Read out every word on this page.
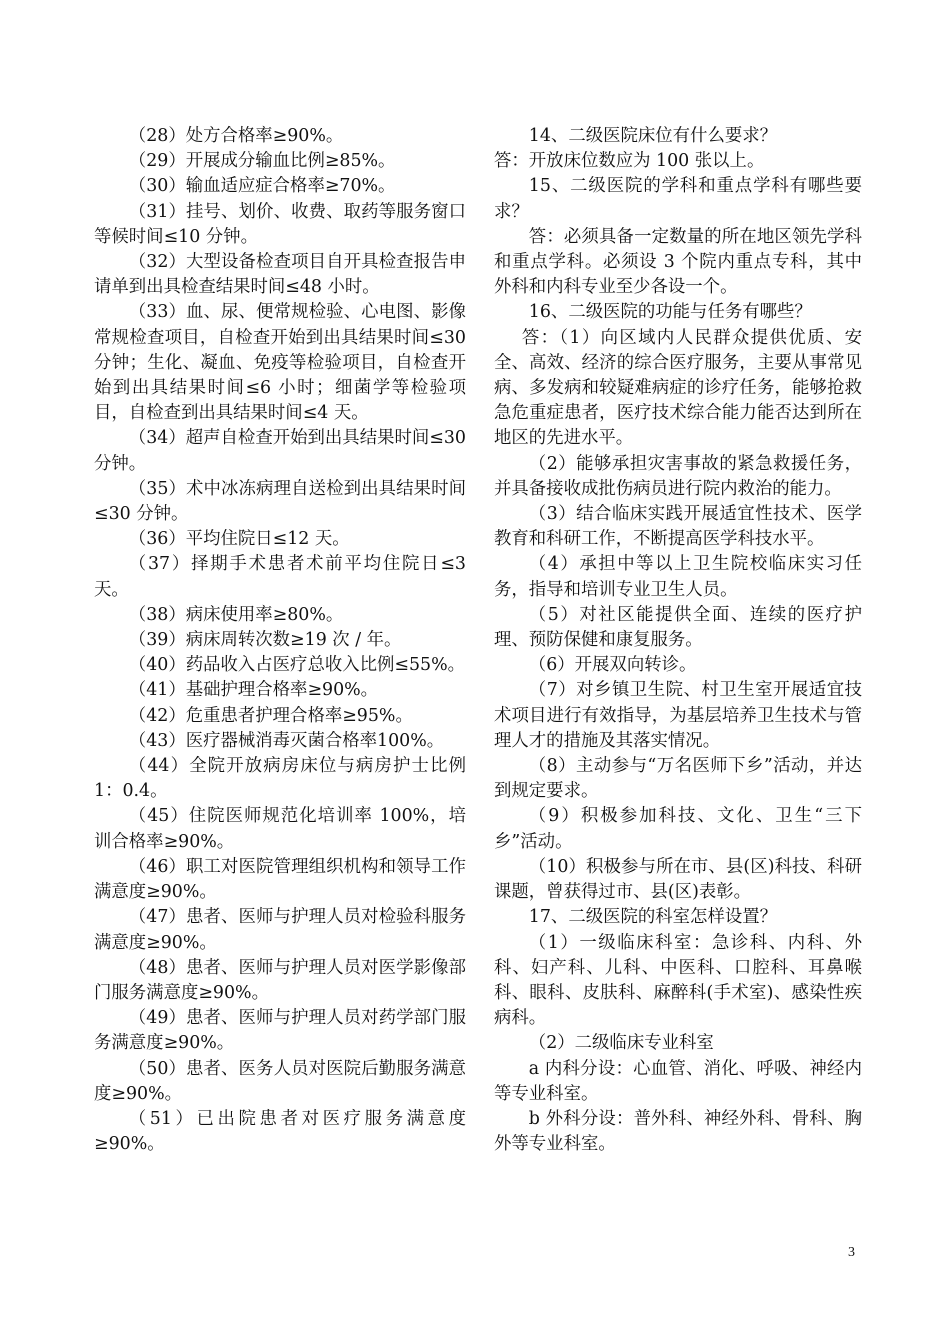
（28）处方合格率≥90%。

（29）开展成分输血比例≥85%。

（30）输血适应症合格率≥70%。

（31）挂号、划价、收费、取药等服务窗口等候时间≤10 分钟。

（32）大型设备检查项目自开具检查报告申请单到出具检查结果时间≤48 小时。

（33）血、尿、便常规检验、心电图、影像常规检查项目，自检查开始到出具结果时间≤30 分钟；生化、凝血、免疫等检验项目，自检查开始到出具结果时间≤6 小时；细菌学等检验项目，自检查到出具结果时间≤4 天。

（34）超声自检查开始到出具结果时间≤30 分钟。

（35）术中冰冻病理自送检到出具结果时间≤30 分钟。

（36）平均住院日≤12 天。

（37）择期手术患者术前平均住院日≤3 天。

（38）病床使用率≥80%。

（39）病床周转次数≥19 次 / 年。

（40）药品收入占医疗总收入比例≤55%。

（41）基础护理合格率≥90%。

（42）危重患者护理合格率≥95%。

（43）医疗器械消毒灭菌合格率100%。

（44）全院开放病房床位与病房护士比例 1：0.4。

（45）住院医师规范化培训率 100%，培训合格率≥90%。

（46）职工对医院管理组织机构和领导工作满意度≥90%。

（47）患者、医师与护理人员对检验科服务满意度≥90%。

（48）患者、医师与护理人员对医学影像部门服务满意度≥90%。

（49）患者、医师与护理人员对药学部门服务满意度≥90%。

（50）患者、医务人员对医院后勤服务满意度≥90%。

（51）已出院患者对医疗服务满意度≥90%。

14、二级医院床位有什么要求？

答：开放床位数应为 100 张以上。

15、二级医院的学科和重点学科有哪些要求？

答：必须具备一定数量的所在地区领先学科和重点学科。必须设 3 个院内重点专科，其中外科和内科专业至少各设一个。

16、二级医院的功能与任务有哪些？

答：（1）向区域内人民群众提供优质、安全、高效、经济的综合医疗服务，主要从事常见病、多发病和较疑难病症的诊疗任务，能够抢救急危重症患者，医疗技术综合能力能否达到所在地区的先进水平。

（2）能够承担灾害事故的紧急救援任务，并具备接收成批伤病员进行院内救治的能力。

（3）结合临床实践开展适宜性技术、医学教育和科研工作，不断提高医学科技水平。

（4）承担中等以上卫生院校临床实习任务，指导和培训专业卫生人员。

（5）对社区能提供全面、连续的医疗护理、预防保健和康复服务。

（6）开展双向转诊。

（7）对乡镇卫生院、村卫生室开展适宜技术项目进行有效指导，为基层培养卫生技术与管理人才的措施及其落实情况。

（8）主动参与“万名医师下乡”活动，并达到规定要求。

（9）积极参加科技、文化、卫生“三下乡”活动。

（10）积极参与所在市、县(区)科技、科研课题，曾获得过市、县(区)表彰。

17、二级医院的科室怎样设置？

（1）一级临床科室：急诊科、内科、外科、妇产科、儿科、中医科、口腔科、耳鼻喉科、眼科、皮肤科、麻醉科(手术室)、感染性疾病科。

（2）二级临床专业科室

a 内科分设：心血管、消化、呼吸、神经内等专业科室。

b 外科分设：普外科、神经外科、骨科、胸外等专业科室。

3
